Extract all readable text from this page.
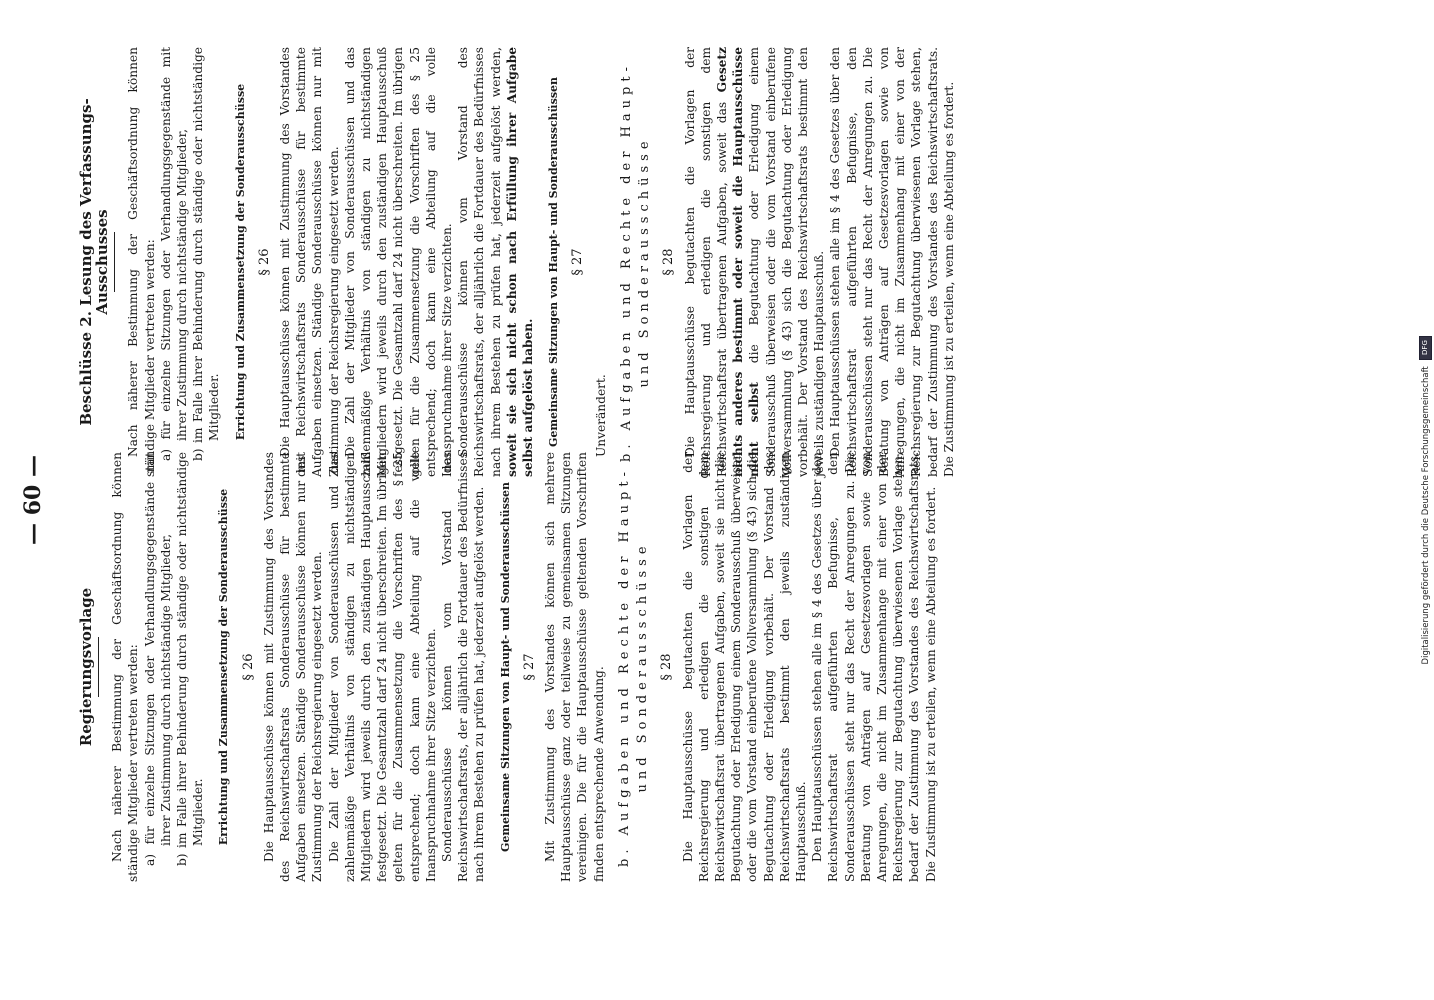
— 60 —
Regierungsvorlage Nach näherer Bestimmung der Geschäftsordnung können ständige Mitglieder vertreten werden: a) für einzelne Sitzungen oder Verhandlungsgegenstände mit ihrer Zustimmung durch nichtständige Mitglieder, b) im Falle ihrer Behinderung durch ständige oder nichtständige Mitglieder. Errichtung und Zusammensetzung der Sonderausschüsse § 26 Die Hauptausschüsse können mit Zustimmung des Vorstandes des Reichswirtschaftsrats Sonderausschüsse für bestimmte Aufgaben einsetzen. Ständige Sonderausschüsse können nur mit Zustimmung der Reichsregierung eingesetzt werden. Die Zahl der Mitglieder von Sonderausschüssen und das zahlenmäßige Verhältnis von ständigen zu nichtständigen Mitgliedern wird jeweils durch den zuständigen Hauptausschuß festgesetzt. Die Gesamtzahl darf 24 nicht überschreiten. Im übrigen gelten für die Zusammensetzung die Vorschriften des § 25 entsprechend; doch kann eine Abteilung auf die volle Inanspruchnahme ihrer Sitze verzichten. Sonderausschüsse können vom Vorstand des Reichswirtschaftsrats, der alljährlich die Fortdauer des Bedürfnisses nach ihrem Bestehen zu prüfen hat, jederzeit aufgelöst werden. Gemeinsame Sitzungen von Haupt- und Sonderausschüssen § 27 Mit Zustimmung des Vorstandes können sich mehrere Hauptausschüsse ganz oder teilweise zu gemeinsamen Sitzungen vereinigen. Die für die Hauptausschüsse geltenden Vorschriften finden entsprechende Anwendung. b. Aufgaben und Rechte der Haupt- und Sonderausschüsse § 28 Die Hauptausschüsse begutachten die Vorlagen der Reichsregierung und erledigen die sonstigen dem Reichswirtschaftsrat übertragenen Aufgaben, soweit sie nicht die Begutachtung oder Erledigung einem Sonderausschuß überweisen oder die vom Vorstand einberufene Vollversammlung (§ 43) sich die Begutachtung oder Erledigung vorbehält. Der Vorstand des Reichswirtschaftsrats bestimmt den jeweils zuständigen Hauptausschuß. Den Hauptausschüssen stehen alle im § 4 des Gesetzes über den Reichswirtschaftsrat aufgeführten Befugnisse, den Sonderausschüssen steht nur das Recht der Anregungen zu. Die Beratung von Anträgen auf Gesetzesvorlagen sowie von Anregungen, die nicht im Zusammenhange mit einer von der Reichsregierung zur Begutachtung überwiesenen Vorlage stehen, bedarf der Zustimmung des Vorstandes des Reichswirtschaftsrats. Die Zustimmung ist zu erteilen, wenn eine Abteilung es fordert.

Beschlüsse 2. Lesung des Verfassungs-Ausschusses Nach näherer Bestimmung der Geschäftsordnung können ständige Mitglieder vertreten werden: a) für einzelne Sitzungen oder Verhandlungsgegenstände mit ihrer Zustimmung durch nichtständige Mitglieder, b) im Falle ihrer Behinderung durch ständige oder nichtständige Mitglieder. Errichtung und Zusammensetzung der Sonderausschüsse § 26 Die Hauptausschüsse können mit Zustimmung des Vorstandes des Reichswirtschaftsrats Sonderausschüsse für bestimmte Aufgaben einsetzen. Ständige Sonderausschüsse können nur mit Zustimmung der Reichsregierung eingesetzt werden. Die Zahl der Mitglieder von Sonderausschüssen und das zahlenmäßige Verhältnis von ständigen zu nichtständigen Mitgliedern wird jeweils durch den zuständigen Hauptausschuß festgesetzt. Die Gesamtzahl darf 24 nicht überschreiten. Im übrigen gelten für die Zusammensetzung die Vorschriften des § 25 entsprechend; doch kann eine Abteilung auf die volle Inanspruchnahme ihrer Sitze verzichten. Sonderausschüsse können vom Vorstand des Reichswirtschaftsrats, der alljährlich die Fortdauer des Bedürfnisses nach ihrem Bestehen zu prüfen hat, jederzeit aufgelöst werden, soweit sie sich nicht schon nach Erfüllung ihrer Aufgabe selbst aufgelöst haben. Gemeinsame Sitzungen von Haupt- und Sonderausschüssen § 27

Unverändert. b. Aufgaben und Rechte der Haupt- und Sonderausschüsse § 28 Die Hauptausschüsse begutachten die Vorlagen der Reichsregierung und erledigen die sonstigen dem Reichswirtschaftsrat übertragenen Aufgaben, soweit das Gesetz nichts anderes bestimmt oder soweit die Hauptausschüsse nicht selbst die Begutachtung oder Erledigung einem Sonderausschuß überweisen oder die vom Vorstand einberufene Vollversammlung (§ 43) sich die Begutachtung oder Erledigung vorbehält. Der Vorstand des Reichswirtschaftsrats bestimmt den jeweils zuständigen Hauptausschuß. Den Hauptausschüssen stehen alle im § 4 des Gesetzes über den Reichswirtschaftsrat aufgeführten Befugnisse, den Sonderausschüssen steht nur das Recht der Anregungen zu. Die Beratung von Anträgen auf Gesetzesvorlagen sowie von Anregungen, die nicht im Zusammenhang mit einer von der Reichsregierung zur Begutachtung überwiesenen Vorlage stehen, bedarf der Zustimmung des Vorstandes des Reichswirtschaftsrats. Die Zustimmung ist zu erteilen, wenn eine Abteilung es fordert.

Digitalisierung gefördert durch die Deutsche Forschungsgemeinschaft DFG
